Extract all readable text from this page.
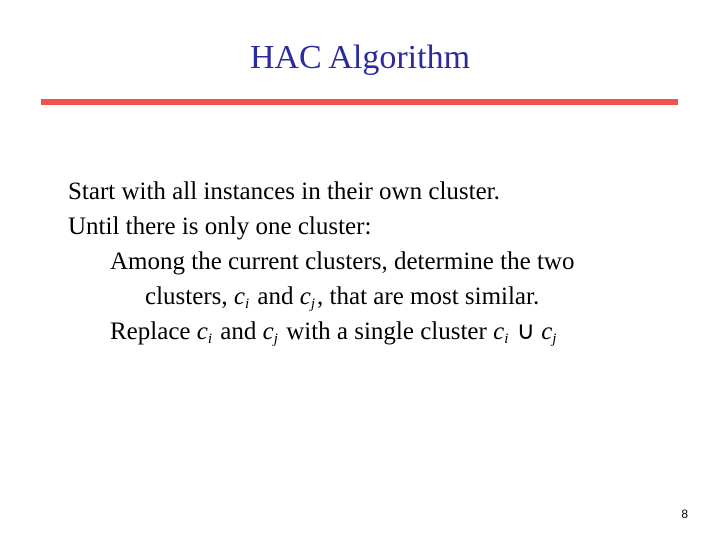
HAC Algorithm
Start with all instances in their own cluster.
Until there is only one cluster:
Among the current clusters, determine the two
clusters, $c_i$ and $c_j$, that are most similar.
Replace $c_i$ and $c_j$ with a single cluster $c_i$ ∪ $c_j$
8
